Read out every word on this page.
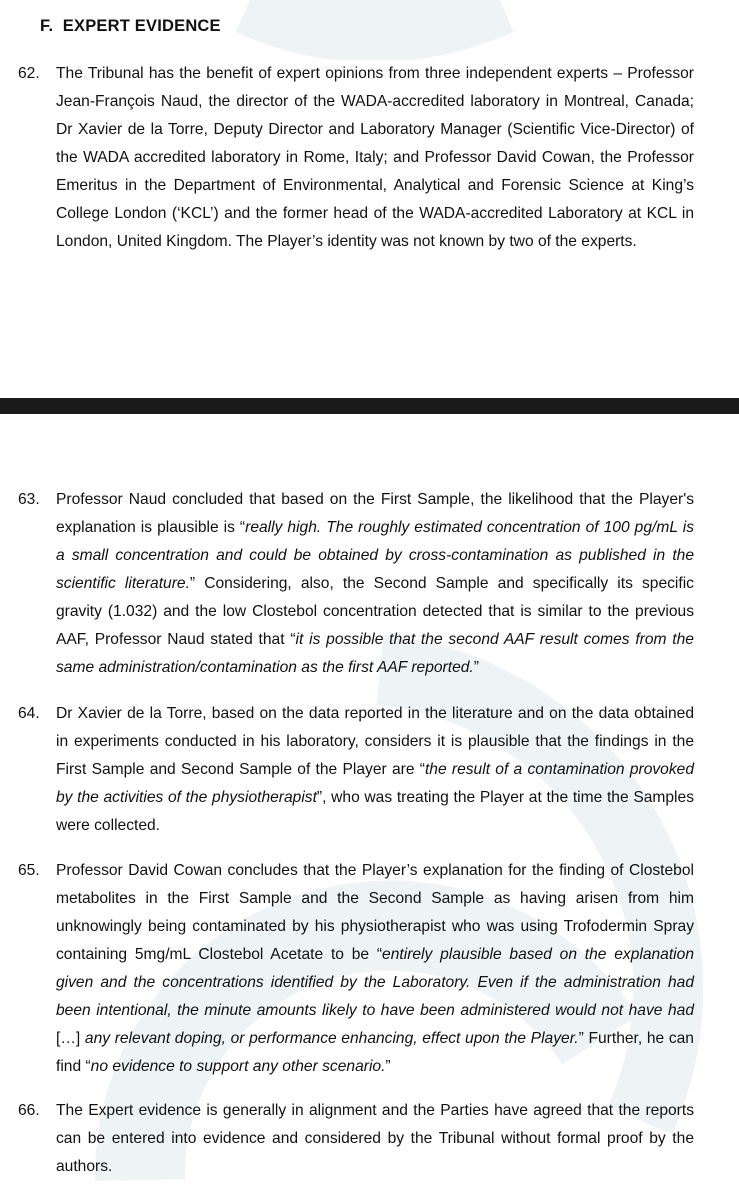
F.  EXPERT EVIDENCE
62.	The Tribunal has the benefit of expert opinions from three independent experts – Professor Jean-François Naud, the director of the WADA-accredited laboratory in Montreal, Canada; Dr Xavier de la Torre, Deputy Director and Laboratory Manager (Scientific Vice-Director) of the WADA accredited laboratory in Rome, Italy; and Professor David Cowan, the Professor Emeritus in the Department of Environmental, Analytical and Forensic Science at King’s College London (‘KCL’) and the former head of the WADA-accredited Laboratory at KCL in London, United Kingdom. The Player’s identity was not known by two of the experts.
63.	Professor Naud concluded that based on the First Sample, the likelihood that the Player's explanation is plausible is “really high. The roughly estimated concentration of 100 pg/mL is a small concentration and could be obtained by cross-contamination as published in the scientific literature.” Considering, also, the Second Sample and specifically its specific gravity (1.032) and the low Clostebol concentration detected that is similar to the previous AAF, Professor Naud stated that “it is possible that the second AAF result comes from the same administration/contamination as the first AAF reported.”
64.	Dr Xavier de la Torre, based on the data reported in the literature and on the data obtained in experiments conducted in his laboratory, considers it is plausible that the findings in the First Sample and Second Sample of the Player are “the result of a contamination provoked by the activities of the physiotherapist”, who was treating the Player at the time the Samples were collected.
65.	Professor David Cowan concludes that the Player’s explanation for the finding of Clostebol metabolites in the First Sample and the Second Sample as having arisen from him unknowingly being contaminated by his physiotherapist who was using Trofodermin Spray containing 5mg/mL Clostebol Acetate to be “entirely plausible based on the explanation given and the concentrations identified by the Laboratory. Even if the administration had been intentional, the minute amounts likely to have been administered would not have had […] any relevant doping, or performance enhancing, effect upon the Player.” Further, he can find “no evidence to support any other scenario.”
66.	The Expert evidence is generally in alignment and the Parties have agreed that the reports can be entered into evidence and considered by the Tribunal without formal proof by the authors.
